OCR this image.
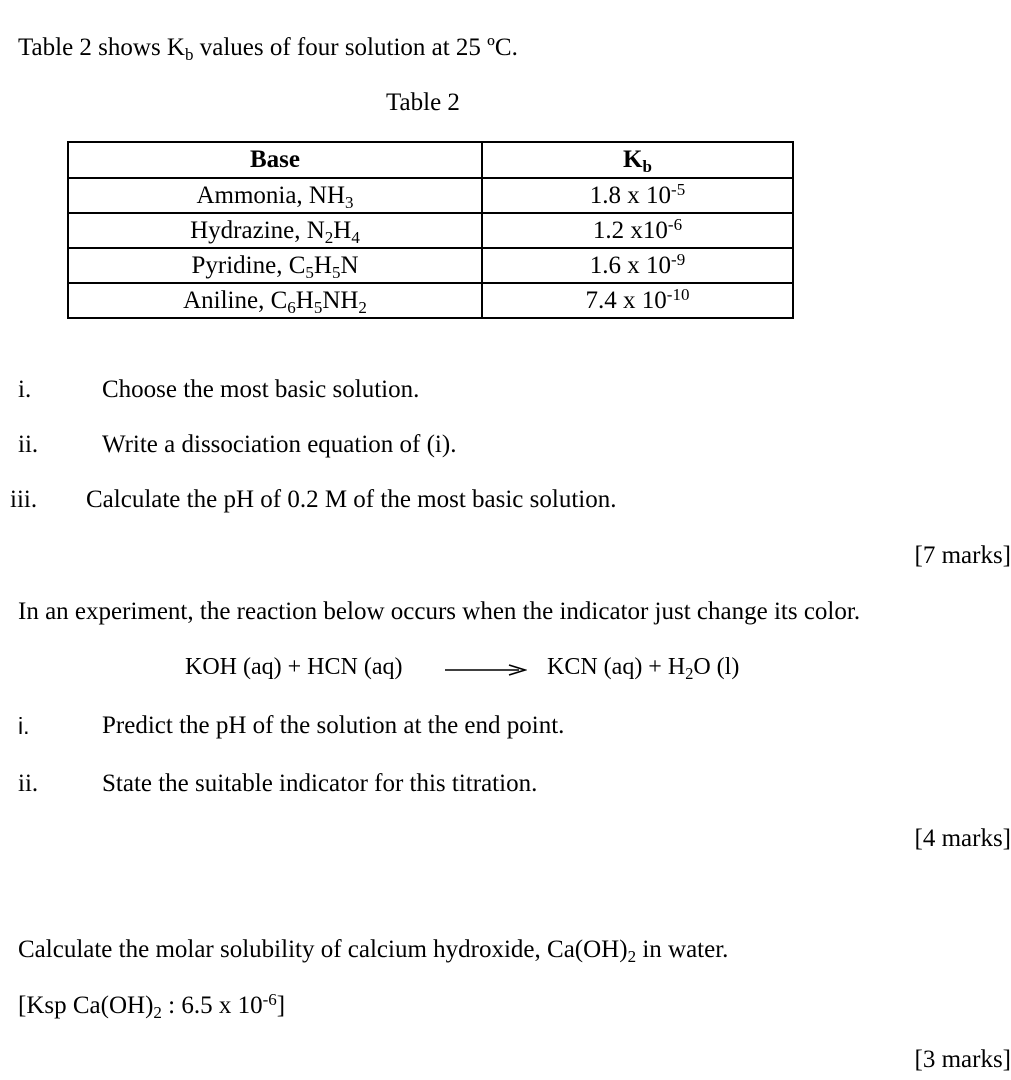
Table 2 shows $K_b$ values of four solution at 25 ºC.
Table 2
Base	$K_b$
Ammonia, $NH_3$	1.8 x $10^{-5}$
Hydrazine, $N_2H_4$	1.2 $x10^{-6}$
Pyridine, $C_5H_5N$	1.6 x $10^{-9}$
Aniline, $C_6H_5NH_2$	7.4 x $10^{-10}$
i.	Choose the most basic solution.
ii.	Write a dissociation equation of (i).
iii. Calculate the pH of 0.2 M of the most basic solution.
[7 marks]
In an experiment, the reaction below occurs when the indicator just change its color.
KOH (aq) + HCN (aq)	KCN $(aq) + H_2O$ (l)
i.	Predict the pH of the solution at the end point.
ii.	State the suitable indicator for this titration.
[4 marks]
Calculate the molar solubility of calcium hydroxide, $Ca(OH)_2$ in water.
[Ksp $Ca(OH)_2$ : 6.5 x $10^{-6}$]
[3 marks]
